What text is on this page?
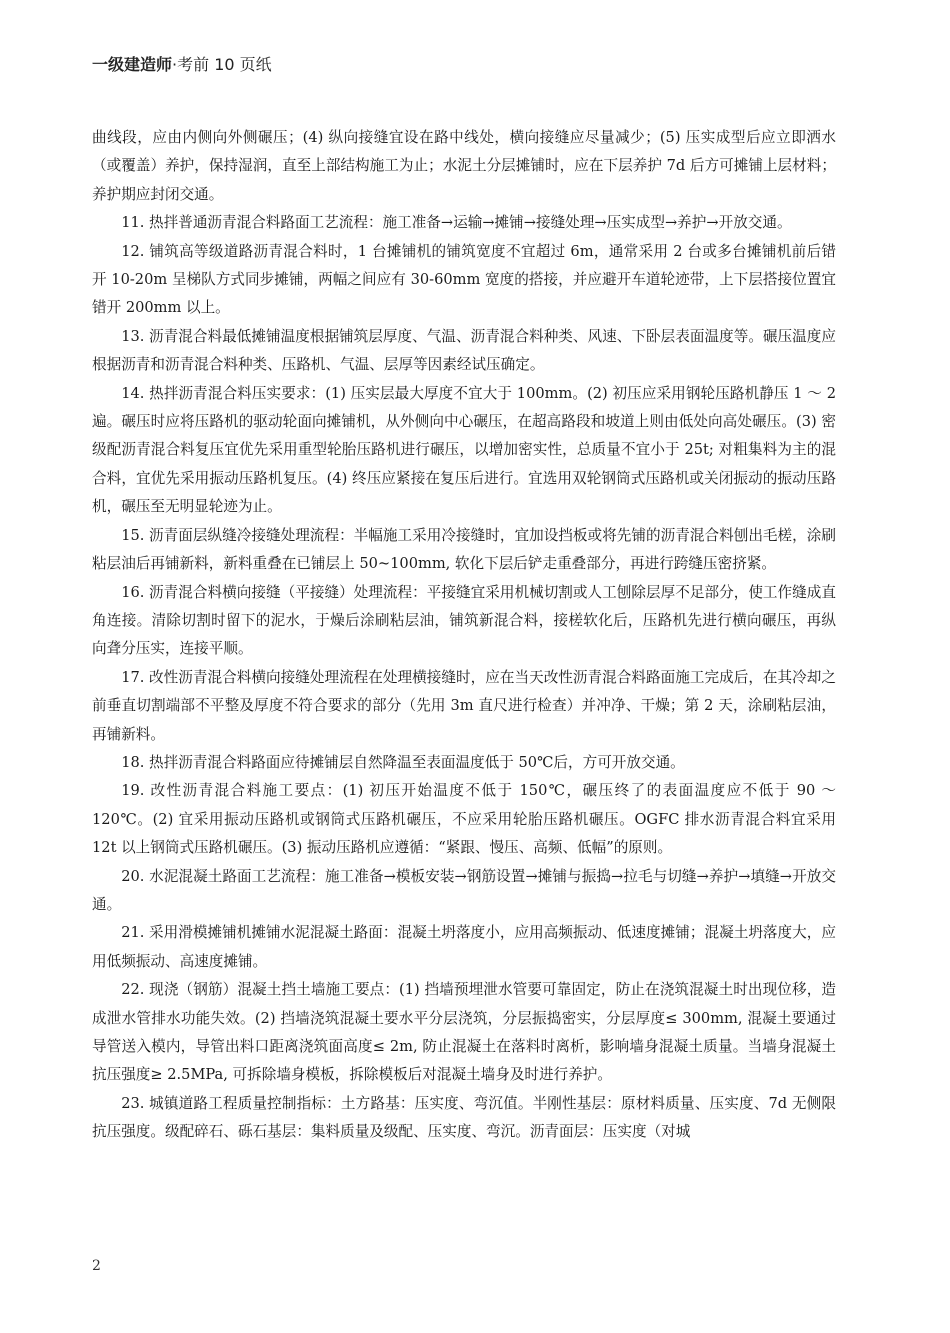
一级建造师·考前 10 页纸

曲线段，应由内侧向外侧碾压；(4) 纵向接缝宜设在路中线处，横向接缝应尽量减少；(5) 压实成型后应立即洒水（或覆盖）养护，保持湿润，直至上部结构施工为止；水泥土分层摊铺时，应在下层养护 7d 后方可摊铺上层材料；养护期应封闭交通。

11. 热拌普通沥青混合料路面工艺流程：施工准备→运输→摊铺→接缝处理→压实成型→养护→开放交通。

12. 铺筑高等级道路沥青混合料时，1 台摊铺机的铺筑宽度不宜超过 6m，通常采用 2 台或多台摊铺机前后错开 10-20m 呈梯队方式同步摊铺，两幅之间应有 30-60mm 宽度的搭接，并应避开车道轮迹带，上下层搭接位置宜错开 200mm 以上。

13. 沥青混合料最低摊铺温度根据铺筑层厚度、气温、沥青混合料种类、风速、下卧层表面温度等。碾压温度应根据沥青和沥青混合料种类、压路机、气温、层厚等因素经试压确定。

14. 热拌沥青混合料压实要求：(1) 压实层最大厚度不宜大于 100mm。(2) 初压应采用钢轮压路机静压 1 ～ 2 遍。碾压时应将压路机的驱动轮面向摊铺机，从外侧向中心碾压，在超高路段和坡道上则由低处向高处碾压。(3) 密级配沥青混合料复压宜优先采用重型轮胎压路机进行碾压，以增加密实性，总质量不宜小于 25t; 对粗集料为主的混合料，宜优先采用振动压路机复压。(4) 终压应紧接在复压后进行。宜选用双轮钢筒式压路机或关闭振动的振动压路机，碾压至无明显轮迹为止。

15. 沥青面层纵缝冷接缝处理流程：半幅施工采用冷接缝时，宜加设挡板或将先铺的沥青混合料刨出毛槎，涂刷粘层油后再铺新料，新料重叠在已铺层上 50~100mm, 软化下层后铲走重叠部分，再进行跨缝压密挤紧。

16. 沥青混合料横向接缝（平接缝）处理流程：平接缝宜采用机械切割或人工刨除层厚不足部分，使工作缝成直角连接。清除切割时留下的泥水，于燥后涂刷粘层油，铺筑新混合料，接槎软化后，压路机先进行横向碾压，再纵向聋分压实，连接平顺。

17. 改性沥青混合料横向接缝处理流程在处理横接缝时，应在当天改性沥青混合料路面施工完成后，在其冷却之前垂直切割端部不平整及厚度不符合要求的部分（先用 3m 直尺进行检查）并冲净、干燥；第 2 天，涂刷粘层油，再铺新料。

18. 热拌沥青混合料路面应待摊铺层自然降温至表面温度低于 50℃后，方可开放交通。

19. 改性沥青混合料施工要点：(1) 初压开始温度不低于 150℃，碾压终了的表面温度应不低于 90 ～ 120℃。(2) 宜采用振动压路机或钢筒式压路机碾压，不应采用轮胎压路机碾压。OGFC 排水沥青混合料宜采用 12t 以上钢筒式压路机碾压。(3) 振动压路机应遵循：“紧跟、慢压、高频、低幅”的原则。

20. 水泥混凝土路面工艺流程：施工准备→模板安装→钢筋设置→摊铺与振捣→拉毛与切缝→养护→填缝→开放交通。

21. 采用滑模摊铺机摊铺水泥混凝土路面：混凝土坍落度小，应用高频振动、低速度摊铺；混凝土坍落度大，应用低频振动、高速度摊铺。

22. 现浇（钢筋）混凝土挡土墙施工要点：(1) 挡墙预埋泄水管要可靠固定，防止在浇筑混凝土时出现位移，造成泄水管排水功能失效。(2) 挡墙浇筑混凝土要水平分层浇筑，分层振捣密实，分层厚度≤ 300mm, 混凝土要通过导管送入模内，导管出料口距离浇筑面高度≤ 2m, 防止混凝土在落料时离析，影响墙身混凝土质量。当墙身混凝土抗压强度≥ 2.5MPa, 可拆除墙身模板，拆除模板后对混凝土墙身及时进行养护。

23. 城镇道路工程质量控制指标：土方路基：压实度、弯沉值。半刚性基层：原材料质量、压实度、7d 无侧限抗压强度。级配碎石、砾石基层：集料质量及级配、压实度、弯沉。沥青面层：压实度（对城

2
